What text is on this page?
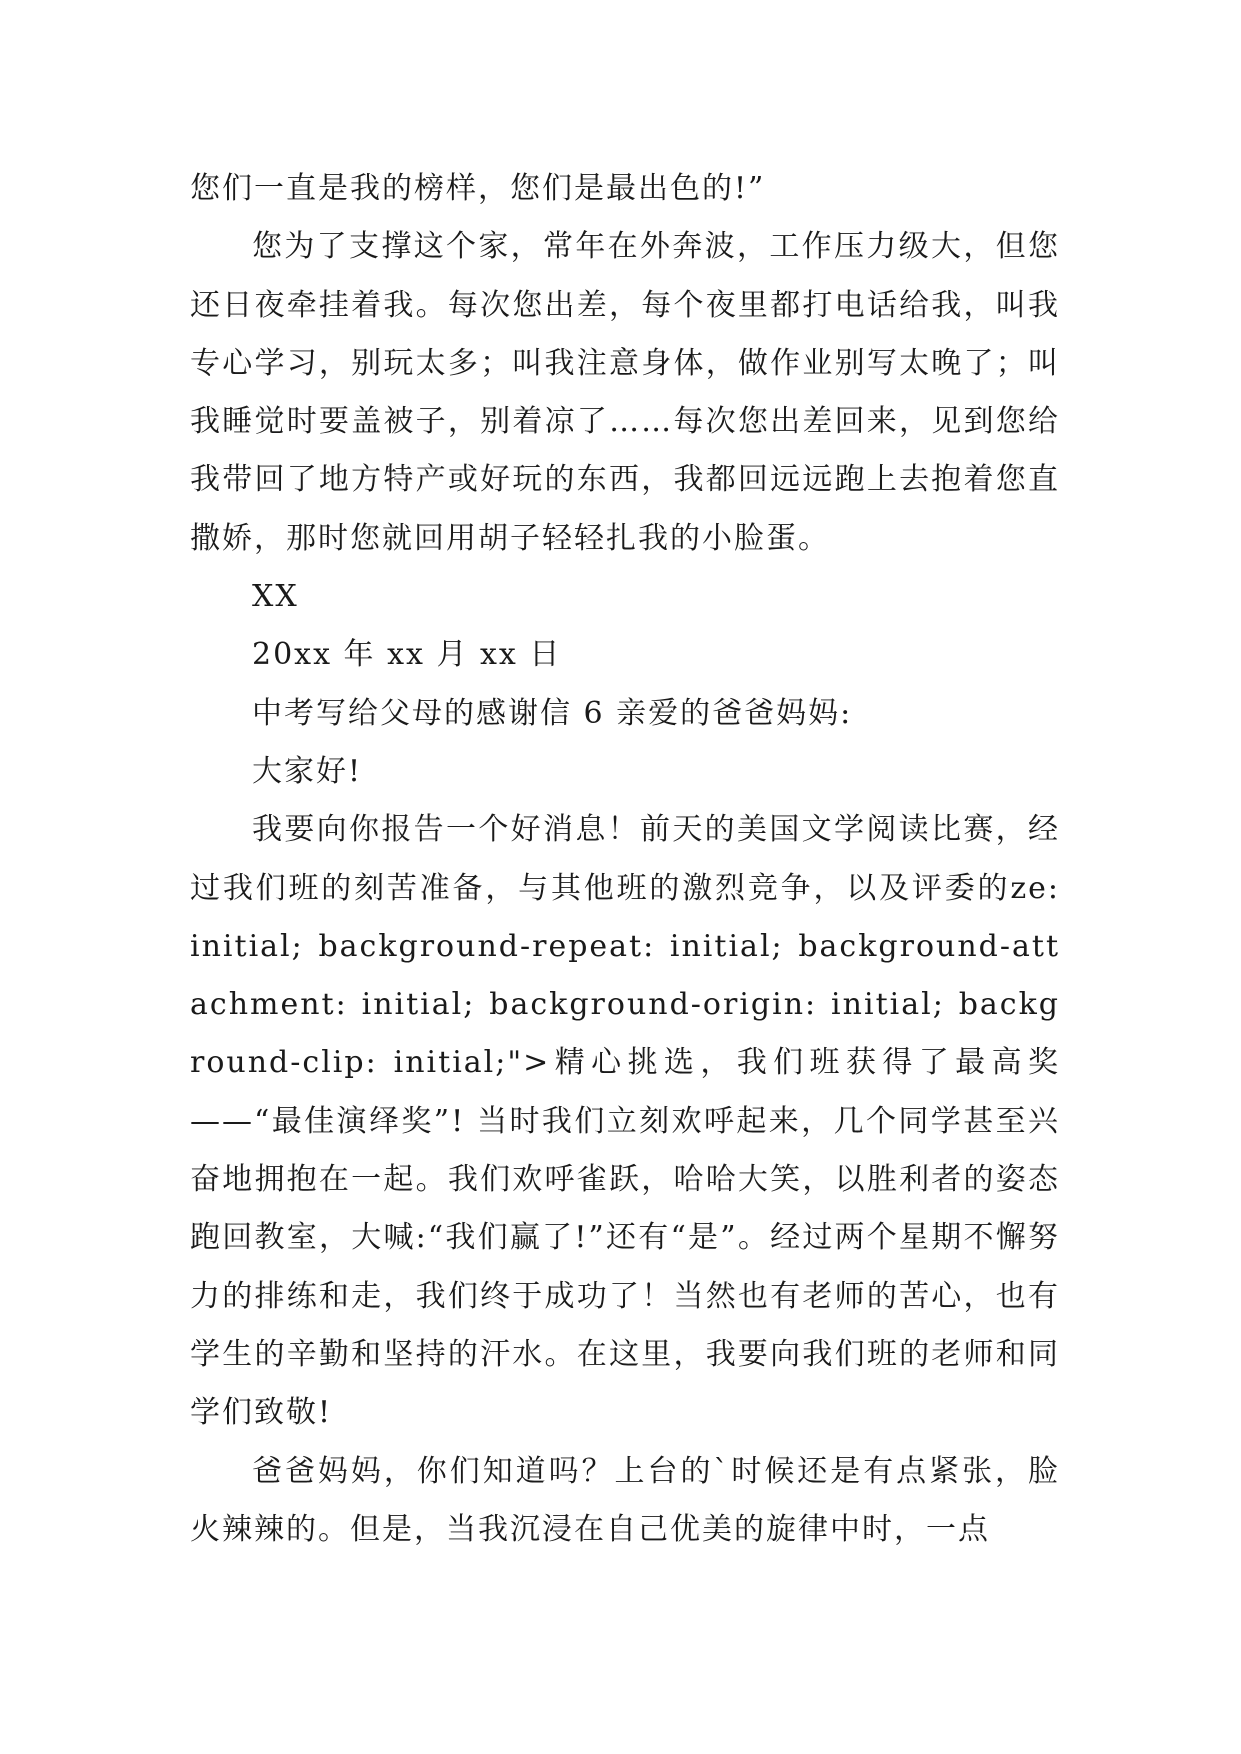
您们一直是我的榜样，您们是最出色的!”

您为了支撑这个家，常年在外奔波，工作压力级大，但您还日夜牵挂着我。每次您出差，每个夜里都打电话给我，叫我专心学习，别玩太多；叫我注意身体，做作业别写太晚了；叫我睡觉时要盖被子，别着凉了……每次您出差回来，见到您给我带回了地方特产或好玩的东西，我都回远远跑上去抱着您直撒娇，那时您就回用胡子轻轻扎我的小脸蛋。

XX

20xx 年 xx 月 xx 日

中考写给父母的感谢信 6 亲爱的爸爸妈妈:

大家好!

我要向你报告一个好消息！前天的美国文学阅读比赛，经过我们班的刻苦准备，与其他班的激烈竞争，以及评委的ze: initial; background-repeat: initial; background-attachment: initial; background-origin: initial; background-clip: initial;">精心挑选，我们班获得了最高奖——“最佳演绎奖”! 当时我们立刻欢呼起来，几个同学甚至兴奋地拥抱在一起。我们欢呼雀跃，哈哈大笑，以胜利者的姿态跑回教室，大喊:“我们赢了!”还有“是”。经过两个星期不懈努力的排练和走，我们终于成功了！当然也有老师的苦心，也有学生的辛勤和坚持的汗水。在这里，我要向我们班的老师和同学们致敬!

爸爸妈妈，你们知道吗？上台的`时候还是有点紧张，脸火辣辣的。但是，当我沉浸在自己优美的旋律中时，一点
